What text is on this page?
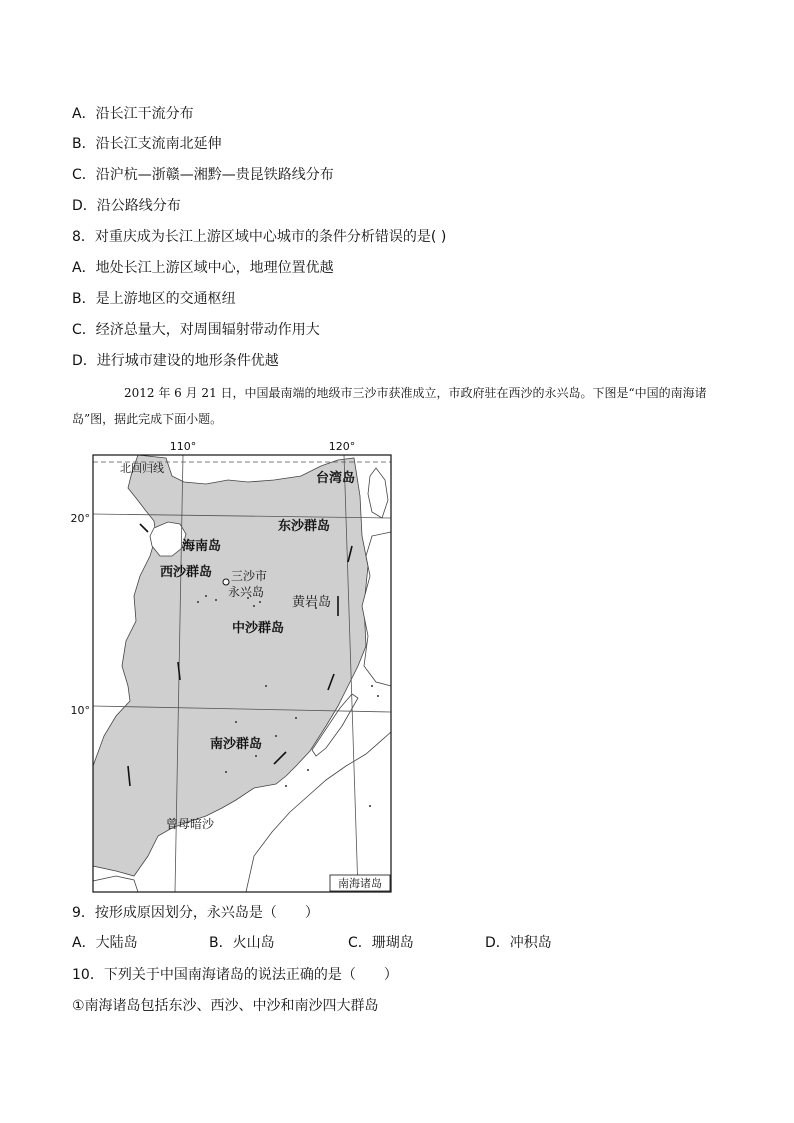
A．沿长江干流分布
B．沿长江支流南北延伸
C．沿沪杭—浙赣—湘黔—贵昆铁路线分布
D．沿公路线分布
8．对重庆成为长江上游区域中心城市的条件分析错误的是( )
A．地处长江上游区域中心，地理位置优越
B．是上游地区的交通枢纽
C．经济总量大，对周围辐射带动作用大
D．进行城市建设的地形条件优越
2012 年 6 月 21 日，中国最南端的地级市三沙市获准成立，市政府驻在西沙的永兴岛。下图是“中国的南海诸岛”图，据此完成下面小题。
110°	120°
20°
10°
北回归线
台湾岛
东沙群岛
海南岛
西沙群岛
黄岩岛
中沙群岛
南沙群岛
曾母暗沙
三沙市
永兴岛
南海诸岛
9．按形成原因划分，永兴岛是（　　）
A．大陆岛	B．火山岛	C．珊瑚岛	D．冲积岛
10．下列关于中国南海诸岛的说法正确的是（　　）
①南海诸岛包括东沙、西沙、中沙和南沙四大群岛
